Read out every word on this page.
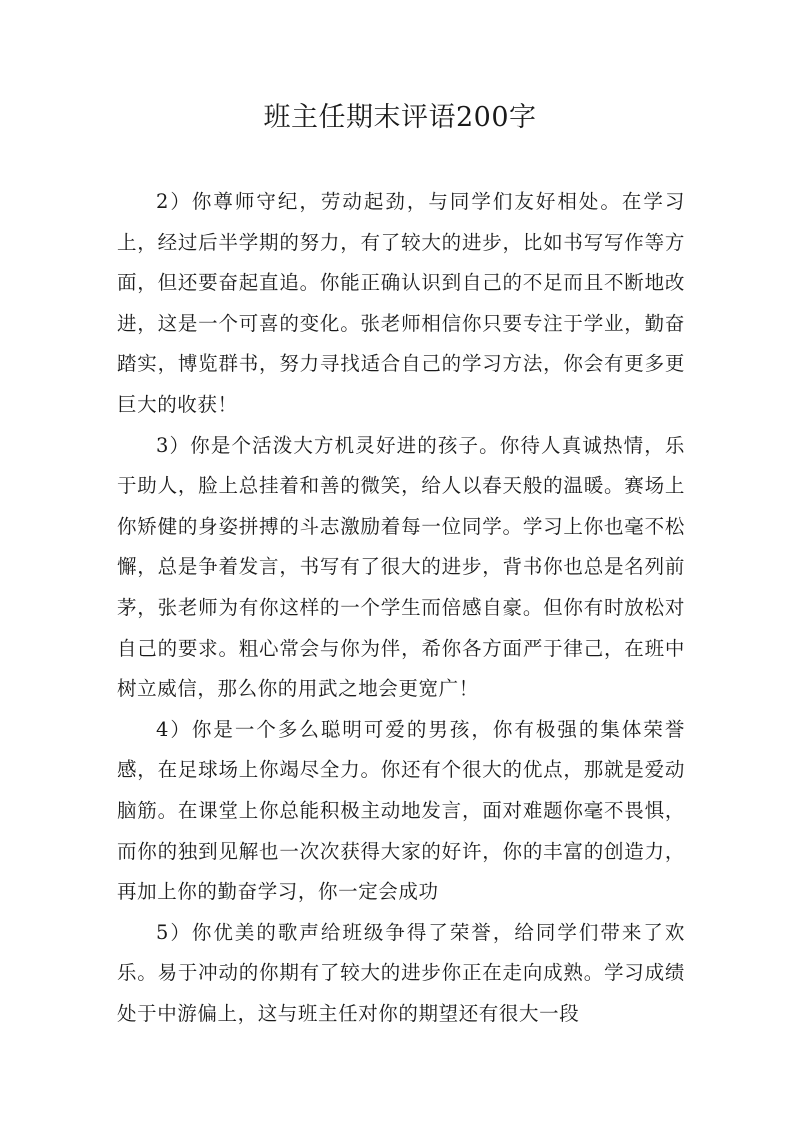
班主任期末评语200字

2）你尊师守纪，劳动起劲，与同学们友好相处。在学习上，经过后半学期的努力，有了较大的进步，比如书写写作等方面，但还要奋起直追。你能正确认识到自己的不足而且不断地改进，这是一个可喜的变化。张老师相信你只要专注于学业，勤奋踏实，博览群书，努力寻找适合自己的学习方法，你会有更多更巨大的收获！

3）你是个活泼大方机灵好进的孩子。你待人真诚热情，乐于助人，脸上总挂着和善的微笑，给人以春天般的温暖。赛场上你矫健的身姿拼搏的斗志激励着每一位同学。学习上你也毫不松懈，总是争着发言，书写有了很大的进步，背书你也总是名列前茅，张老师为有你这样的一个学生而倍感自豪。但你有时放松对自己的要求。粗心常会与你为伴，希你各方面严于律己，在班中树立威信，那么你的用武之地会更宽广！

4）你是一个多么聪明可爱的男孩，你有极强的集体荣誉感，在足球场上你竭尽全力。你还有个很大的优点，那就是爱动脑筋。在课堂上你总能积极主动地发言，面对难题你毫不畏惧，而你的独到见解也一次次获得大家的好许，你的丰富的创造力，再加上你的勤奋学习，你一定会成功

5）你优美的歌声给班级争得了荣誉，给同学们带来了欢乐。易于冲动的你期有了较大的进步你正在走向成熟。学习成绩处于中游偏上，这与班主任对你的期望还有很大一段
